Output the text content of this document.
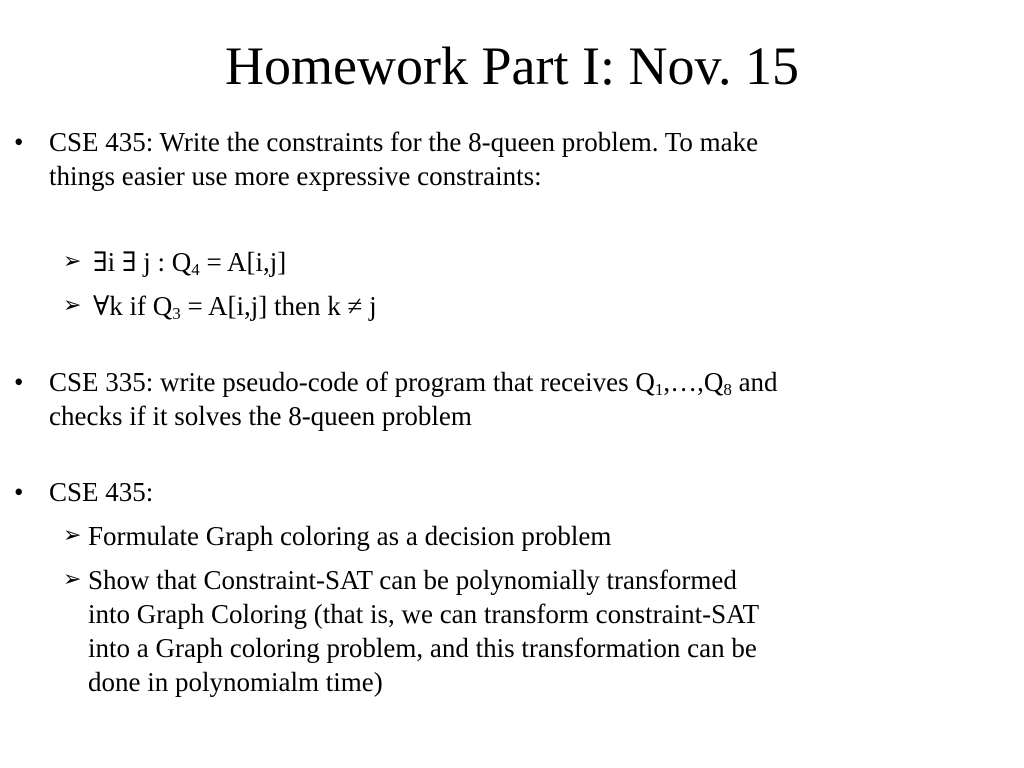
Homework Part I: Nov. 15
• CSE 435: Write the constraints for the 8-queen problem. To make
things easier use more expressive constraints:
➢ ∃i ∃ j : $Q_4 = A[i,j]$
➢ ∀k if $Q_3 = A[i,j]$ then k ≠ j
• CSE 335: write pseudo-code of program that receives $Q_1,\dots,Q_8$ and
checks if it solves the 8-queen problem
• CSE 435:
➢ Formulate Graph coloring as a decision problem
➢ Show that Constraint-SAT can be polynomially transformed
into Graph Coloring (that is, we can transform constraint-SAT
into a Graph coloring problem, and this transformation can be
done in polynomialm time)
